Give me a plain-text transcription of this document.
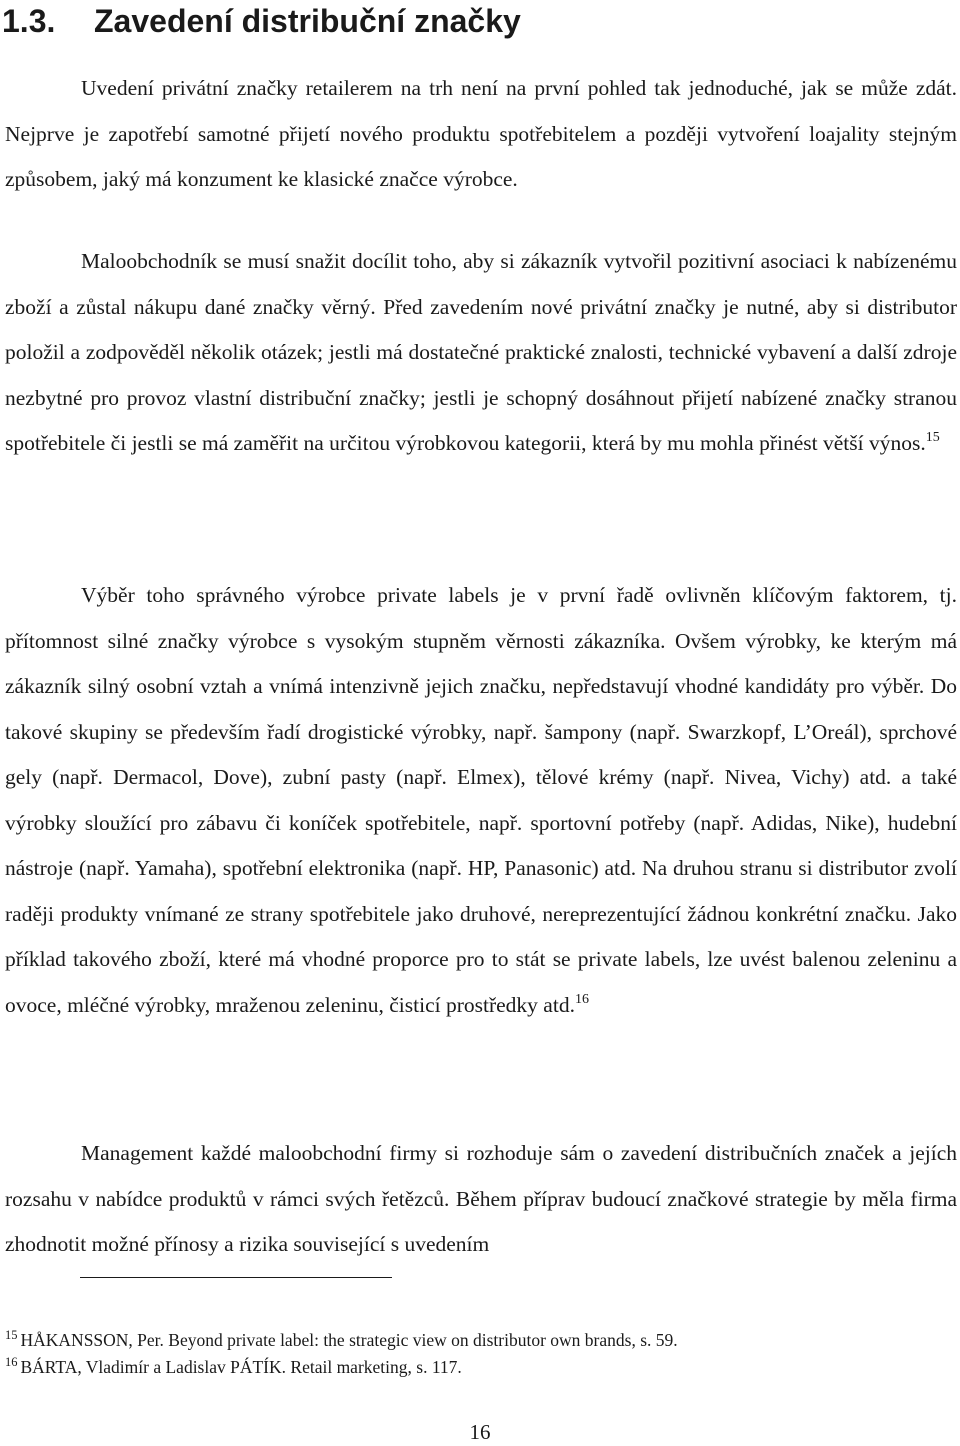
1.3. Zavedení distribuční značky

Uvedení privátní značky retailerem na trh není na první pohled tak jednoduché, jak se může zdát. Nejprve je zapotřebí samotné přijetí nového produktu spotřebitelem a později vytvoření loajality stejným způsobem, jaký má konzument ke klasické značce výrobce.

Maloobchodník se musí snažit docílit toho, aby si zákazník vytvořil pozitivní asociaci k nabízenému zboží a zůstal nákupu dané značky věrný. Před zavedením nové privátní značky je nutné, aby si distributor položil a zodpověděl několik otázek; jestli má dostatečné praktické znalosti, technické vybavení a další zdroje nezbytné pro provoz vlastní distribuční značky; jestli je schopný dosáhnout přijetí nabízené značky stranou spotřebitele či jestli se má zaměřit na určitou výrobkovou kategorii, která by mu mohla přinést větší výnos.$^{15}$

Výběr toho správného výrobce private labels je v první řadě ovlivněn klíčovým faktorem, tj. přítomnost silné značky výrobce s vysokým stupněm věrnosti zákazníka. Ovšem výrobky, ke kterým má zákazník silný osobní vztah a vnímá intenzivně jejich značku, nepředstavují vhodné kandidáty pro výběr. Do takové skupiny se především řadí drogistické výrobky, např. šampony (např. Swarzkopf, L’Oreál), sprchové gely (např. Dermacol, Dove), zubní pasty (např. Elmex), tělové krémy (např. Nivea, Vichy) atd. a také výrobky sloužící pro zábavu či koníček spotřebitele, např. sportovní potřeby (např. Adidas, Nike), hudební nástroje (např. Yamaha), spotřební elektronika (např. HP, Panasonic) atd. Na druhou stranu si distributor zvolí raději produkty vnímané ze strany spotřebitele jako druhové, nereprezentující žádnou konkrétní značku. Jako příklad takového zboží, které má vhodné proporce pro to stát se private labels, lze uvést balenou zeleninu a ovoce, mléčné výrobky, mraženou zeleninu, čisticí prostředky atd.$^{16}$

Management každé maloobchodní firmy si rozhoduje sám o zavedení distribučních značek a jejích rozsahu v nabídce produktů v rámci svých řetězců. Během příprav budoucí značkové strategie by měla firma zhodnotit možné přínosy a rizika související s uvedením

$^{15}$ HÅKANSSON, Per. Beyond private label: the strategic view on distributor own brands, s. 59.

$^{16}$ BÁRTA, Vladimír a Ladislav PÁTÍK. Retail marketing, s. 117.

16
